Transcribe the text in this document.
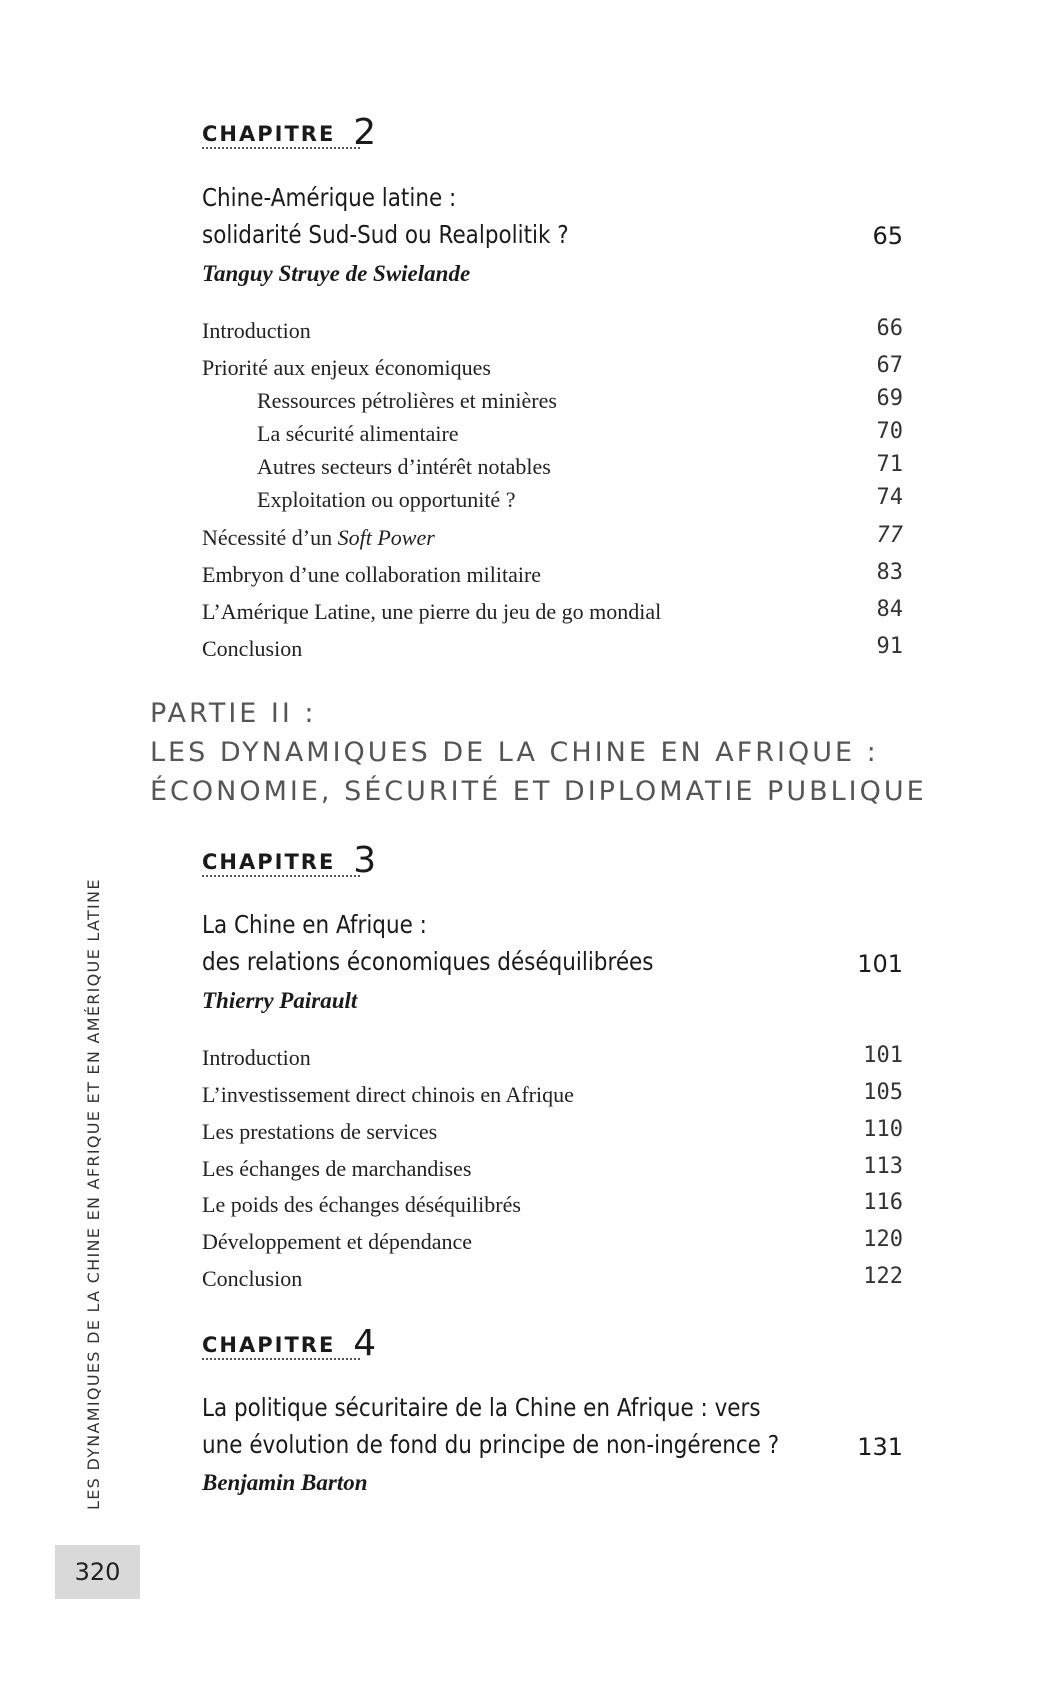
LES DYNAMIQUES DE LA CHINE EN AFRIQUE ET EN AMÉRIQUE LATINE
320
CHAPITRE 2
Chine-Amérique latine :
solidarité Sud-Sud ou Realpolitik ?	65
Tanguy Struye de Swielande
Introduction	66
Priorité aux enjeux économiques	67
Ressources pétrolières et minières	69
La sécurité alimentaire	70
Autres secteurs d’intérêt notables	71
Exploitation ou opportunité ?	74
Nécessité d’un Soft Power	77
Embryon d’une collaboration militaire	83
L’Amérique Latine, une pierre du jeu de go mondial	84
Conclusion	91
PARTIE II :
LES DYNAMIQUES DE LA CHINE EN AFRIQUE :
ÉCONOMIE, SÉCURITÉ ET DIPLOMATIE PUBLIQUE
CHAPITRE 3
La Chine en Afrique :
des relations économiques déséquilibrées	101
Thierry Pairault
Introduction	101
L’investissement direct chinois en Afrique	105
Les prestations de services	110
Les échanges de marchandises	113
Le poids des échanges déséquilibrés	116
Développement et dépendance	120
Conclusion	122
CHAPITRE 4
La politique sécuritaire de la Chine en Afrique : vers
une évolution de fond du principe de non-ingérence ?	131
Benjamin Barton
